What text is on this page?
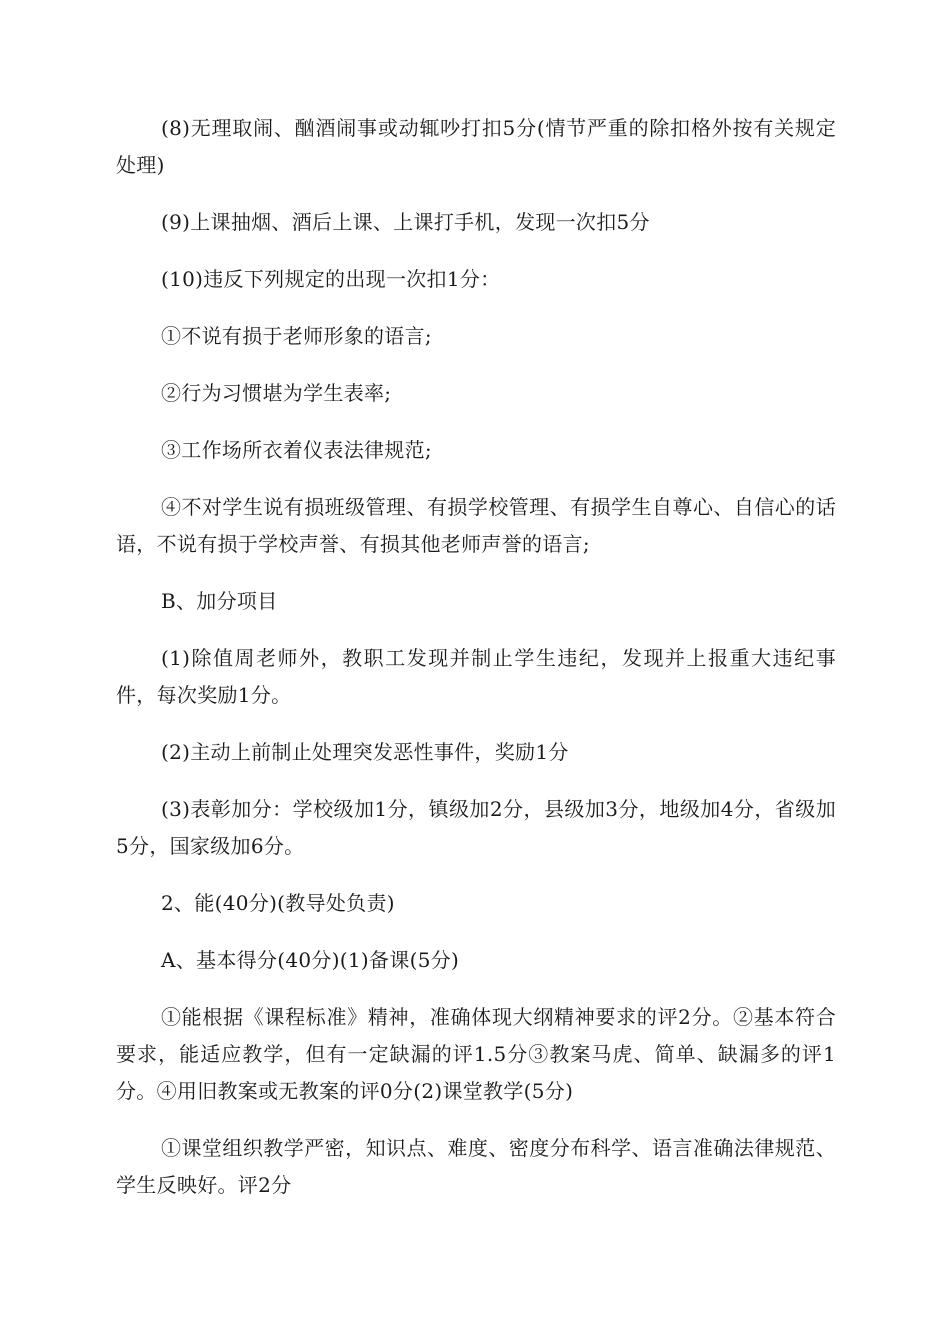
(8)无理取闹、酗酒闹事或动辄吵打扣5分(情节严重的除扣格外按有关规定处理)

(9)上课抽烟、酒后上课、上课打手机，发现一次扣5分

(10)违反下列规定的出现一次扣1分：

①不说有损于老师形象的语言;

②行为习惯堪为学生表率;

③工作场所衣着仪表法律规范;

④不对学生说有损班级管理、有损学校管理、有损学生自尊心、自信心的话语，不说有损于学校声誉、有损其他老师声誉的语言;

B、加分项目

(1)除值周老师外，教职工发现并制止学生违纪，发现并上报重大违纪事件，每次奖励1分。

(2)主动上前制止处理突发恶性事件，奖励1分

(3)表彰加分：学校级加1分，镇级加2分，县级加3分，地级加4分，省级加5分，国家级加6分。

2、能(40分)(教导处负责)

A、基本得分(40分)(1)备课(5分)

①能根据《课程标准》精神，准确体现大纲精神要求的评2分。②基本符合要求，能适应教学，但有一定缺漏的评1.5分③教案马虎、简单、缺漏多的评1分。④用旧教案或无教案的评0分(2)课堂教学(5分)

①课堂组织教学严密，知识点、难度、密度分布科学、语言准确法律规范、学生反映好。评2分
